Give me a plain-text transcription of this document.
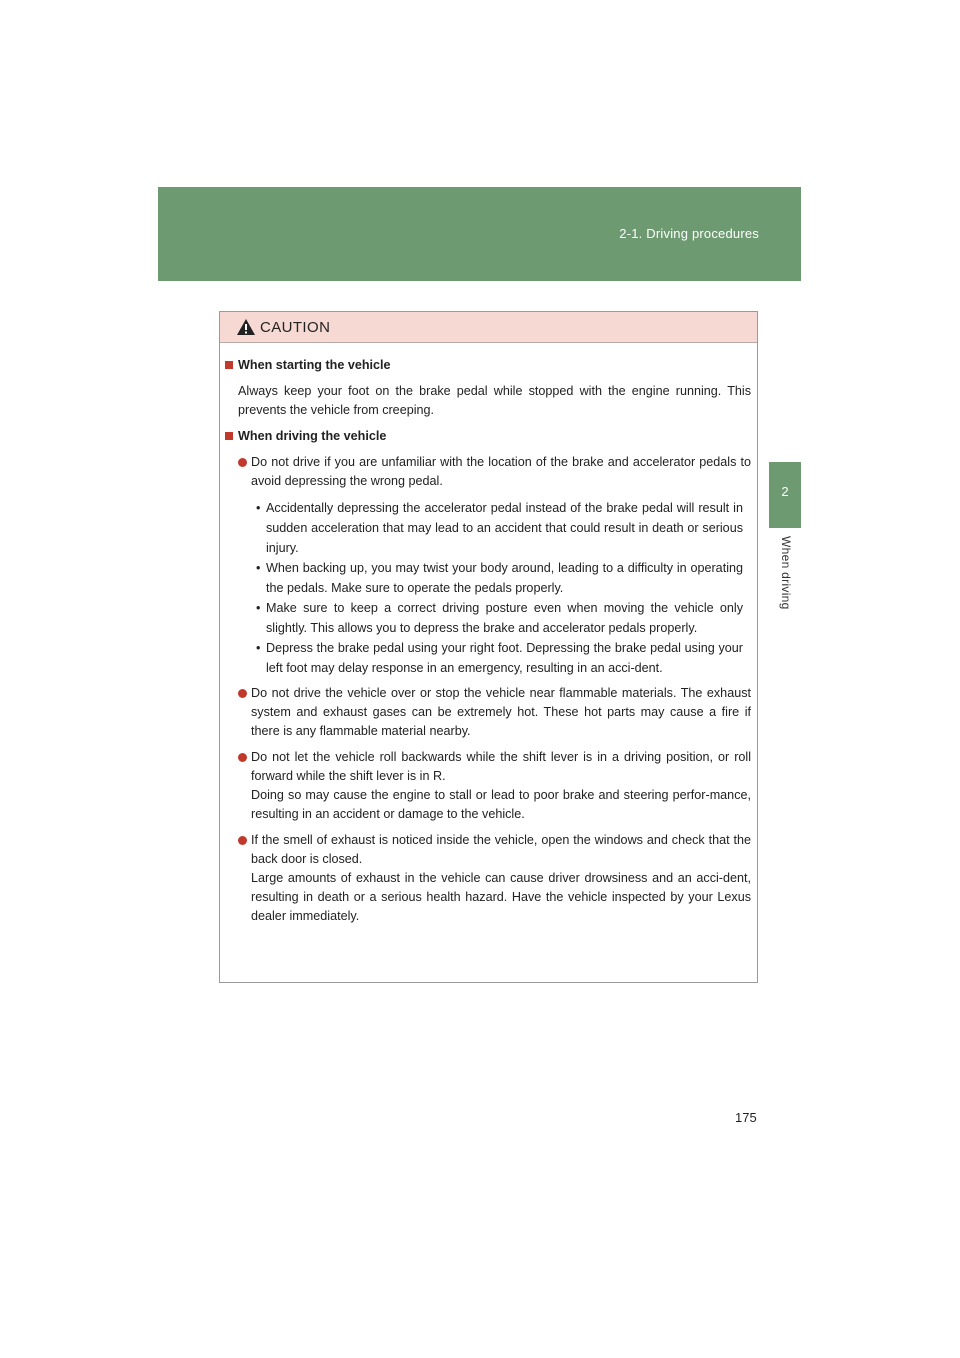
2-1. Driving procedures
2
When driving
CAUTION
When starting the vehicle
Always keep your foot on the brake pedal while stopped with the engine running. This prevents the vehicle from creeping.
When driving the vehicle
Do not drive if you are unfamiliar with the location of the brake and accelerator pedals to avoid depressing the wrong pedal.
• Accidentally depressing the accelerator pedal instead of the brake pedal will result in sudden acceleration that may lead to an accident that could result in death or serious injury.
• When backing up, you may twist your body around, leading to a difficulty in operating the pedals. Make sure to operate the pedals properly.
• Make sure to keep a correct driving posture even when moving the vehicle only slightly. This allows you to depress the brake and accelerator pedals properly.
• Depress the brake pedal using your right foot. Depressing the brake pedal using your left foot may delay response in an emergency, resulting in an acci-dent.
Do not drive the vehicle over or stop the vehicle near flammable materials. The exhaust system and exhaust gases can be extremely hot. These hot parts may cause a fire if there is any flammable material nearby.
Do not let the vehicle roll backwards while the shift lever is in a driving position, or roll forward while the shift lever is in R.
Doing so may cause the engine to stall or lead to poor brake and steering perfor-mance, resulting in an accident or damage to the vehicle.
If the smell of exhaust is noticed inside the vehicle, open the windows and check that the back door is closed.
Large amounts of exhaust in the vehicle can cause driver drowsiness and an acci-dent, resulting in death or a serious health hazard. Have the vehicle inspected by your Lexus dealer immediately.
175
